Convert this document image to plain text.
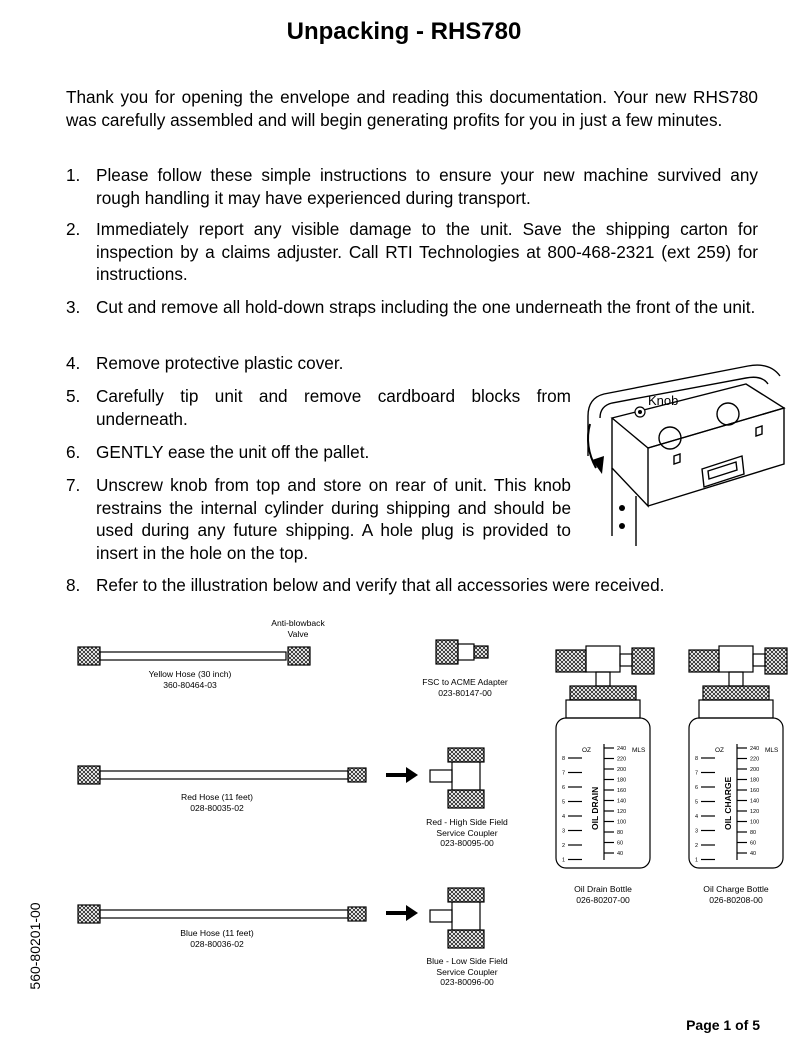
Unpacking - RHS780
Thank you for opening the envelope and reading this documentation. Your new RHS780 was carefully assembled and will begin generating profits for you in just a few minutes.
1. Please follow these simple instructions to ensure your new machine survived any rough handling it may have experienced during transport.
2. Immediately report any visible damage to the unit. Save the shipping carton for inspection by a claims adjuster. Call RTI Technologies at 800-468-2321 (ext 259) for instructions.
3. Cut and remove all hold-down straps including the one underneath the front of the unit.
4. Remove protective plastic cover.
5. Carefully tip unit and remove cardboard blocks from underneath.
6. GENTLY ease the unit off the pallet.
7. Unscrew knob from top and store on rear of unit. This knob restrains the internal cylinder during shipping and should be used during any future shipping. A hole plug is provided to insert in the hole on the top.
8. Refer to the illustration below and verify that all accessories were received.
Knob
8
7
6
5
4
3
2
1
240
220
200
180
160
140
120
100
80
60
40
8
7
6
5
4
3
2
1
240
220
200
180
160
140
120
100
80
60
40
OIL DRAIN	OIL CHARGE
OZ	MLS	OZ	MLS
Anti-blowback Valve
Yellow Hose (30 inch)
360-80464-03	FSC to ACME Adapter
023-80147-00
Red Hose (11 feet)
028-80035-02
Red - High Side Field Service Coupler
023-80095-00
Blue Hose (11 feet)
028-80036-02
Blue - Low Side Field Service Coupler
023-80096-00
Oil Drain Bottle
026-80207-00
Oil Charge Bottle
026-80208-00
560-80201-00
Page 1 of 5
